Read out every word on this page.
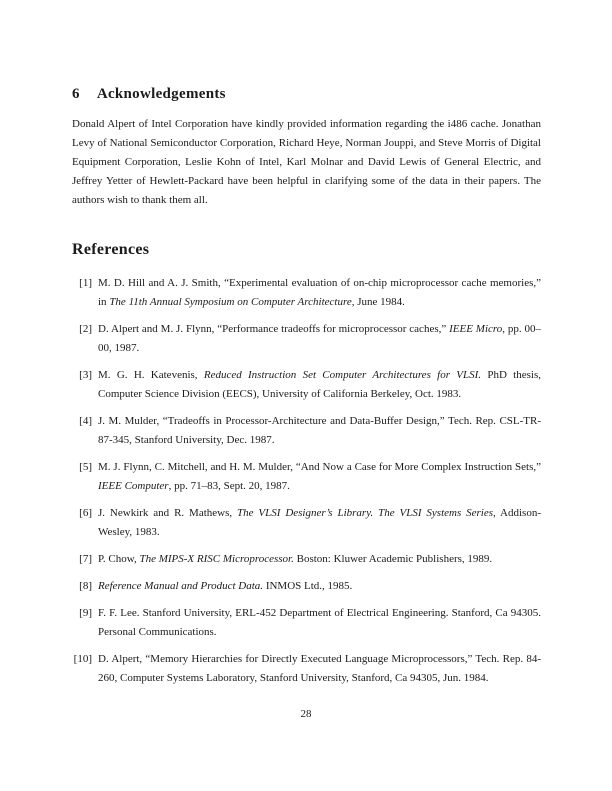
6 Acknowledgements
Donald Alpert of Intel Corporation have kindly provided information regarding the i486 cache. Jonathan Levy of National Semiconductor Corporation, Richard Heye, Norman Jouppi, and Steve Morris of Digital Equipment Corporation, Leslie Kohn of Intel, Karl Molnar and David Lewis of General Electric, and Jeffrey Yetter of Hewlett-Packard have been helpful in clarifying some of the data in their papers. The authors wish to thank them all.
References
[1] M. D. Hill and A. J. Smith, “Experimental evaluation of on-chip microprocessor cache memories,” in The 11th Annual Symposium on Computer Architecture, June 1984.
[2] D. Alpert and M. J. Flynn, “Performance tradeoffs for microprocessor caches,” IEEE Micro, pp. 00–00, 1987.
[3] M. G. H. Katevenis, Reduced Instruction Set Computer Architectures for VLSI. PhD thesis, Computer Science Division (EECS), University of California Berkeley, Oct. 1983.
[4] J. M. Mulder, “Tradeoffs in Processor-Architecture and Data-Buffer Design,” Tech. Rep. CSL-TR-87-345, Stanford University, Dec. 1987.
[5] M. J. Flynn, C. Mitchell, and H. M. Mulder, “And Now a Case for More Complex Instruction Sets,” IEEE Computer, pp. 71–83, Sept. 20, 1987.
[6] J. Newkirk and R. Mathews, The VLSI Designer’s Library. The VLSI Systems Series, Addison-Wesley, 1983.
[7] P. Chow, The MIPS-X RISC Microprocessor. Boston: Kluwer Academic Publishers, 1989.
[8] Reference Manual and Product Data. INMOS Ltd., 1985.
[9] F. F. Lee. Stanford University, ERL-452 Department of Electrical Engineering. Stanford, Ca 94305. Personal Communications.
[10] D. Alpert, “Memory Hierarchies for Directly Executed Language Microprocessors,” Tech. Rep. 84-260, Computer Systems Laboratory, Stanford University, Stanford, Ca 94305, Jun. 1984.
28
